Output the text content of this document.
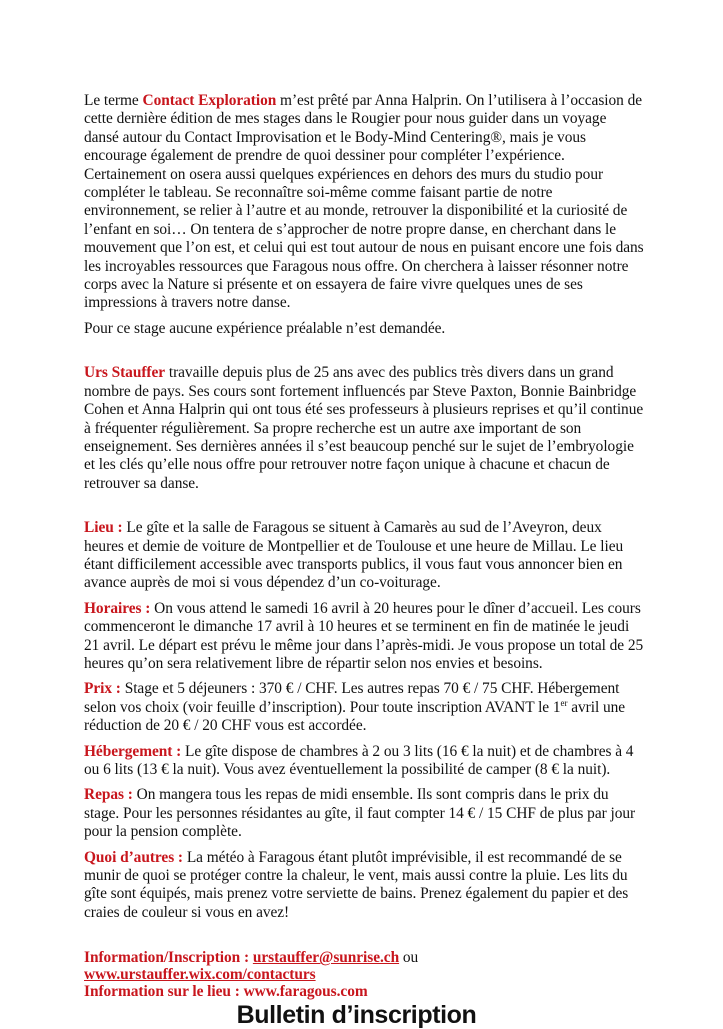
Le terme Contact Exploration m’est prêté par Anna Halprin. On l’utilisera à l’occasion de cette dernière édition de mes stages dans le Rougier pour nous guider dans un voyage dansé autour du Contact Improvisation et le Body-Mind Centering®, mais je vous encourage également de prendre de quoi dessiner pour compléter l’expérience. Certainement on osera aussi quelques expériences en dehors des murs du studio pour compléter le tableau. Se reconnaître soi-même comme faisant partie de notre environnement, se relier à l’autre et au monde, retrouver la disponibilité et la curiosité de l’enfant en soi… On tentera de s’approcher de notre propre danse, en cherchant dans le mouvement que l’on est, et celui qui est tout autour de nous en puisant encore une fois dans les incroyables ressources que Faragous nous offre. On cherchera à laisser résonner notre corps avec la Nature si présente et on essayera de faire vivre quelques unes de ses impressions à travers notre danse.

Pour ce stage aucune expérience préalable n’est demandée.

Urs Stauffer travaille depuis plus de 25 ans avec des publics très divers dans un grand nombre de pays. Ses cours sont fortement influencés par Steve Paxton, Bonnie Bainbridge Cohen et Anna Halprin qui ont tous été ses professeurs à plusieurs reprises et qu’il continue à fréquenter régulièrement. Sa propre recherche est un autre axe important de son enseignement. Ses dernières années il s’est beaucoup penché sur le sujet de l’embryologie et les clés qu’elle nous offre pour retrouver notre façon unique à chacune et chacun de retrouver sa danse.

Lieu : Le gîte et la salle de Faragous se situent à Camarès au sud de l’Aveyron, deux heures et demie de voiture de Montpellier et de Toulouse et une heure de Millau. Le lieu étant difficilement accessible avec transports publics, il vous faut vous annoncer bien en avance auprès de moi si vous dépendez d’un co-voiturage.

Horaires : On vous attend le samedi 16 avril à 20 heures pour le dîner d’accueil. Les cours commenceront le dimanche 17 avril à 10 heures et se terminent en fin de matinée le jeudi 21 avril. Le départ est prévu le même jour dans l’après-midi. Je vous propose un total de 25 heures qu’on sera relativement libre de répartir selon nos envies et besoins.

Prix : Stage et 5 déjeuners : 370 € / CHF. Les autres repas 70 € / 75 CHF. Hébergement selon vos choix (voir feuille d’inscription). Pour toute inscription AVANT le 1er avril une réduction de 20 € / 20 CHF vous est accordée.

Hébergement : Le gîte dispose de chambres à 2 ou 3 lits (16 € la nuit) et de chambres à 4 ou 6 lits (13 € la nuit). Vous avez éventuellement la possibilité de camper (8 € la nuit).

Repas : On mangera tous les repas de midi ensemble. Ils sont compris dans le prix du stage. Pour les personnes résidantes au gîte, il faut compter 14 € / 15 CHF de plus par jour pour la pension complète.

Quoi d’autres : La météo à Faragous étant plutôt imprévisible, il est recommandé de se munir de quoi se protéger contre la chaleur, le vent, mais aussi contre la pluie. Les lits du gîte sont équipés, mais prenez votre serviette de bains. Prenez également du papier et des craies de couleur si vous en avez!

Information/Inscription : urstauffer@sunrise.ch ou www.urstauffer.wix.com/contacturs
Information sur le lieu : www.faragous.com
Bulletin d’inscription
